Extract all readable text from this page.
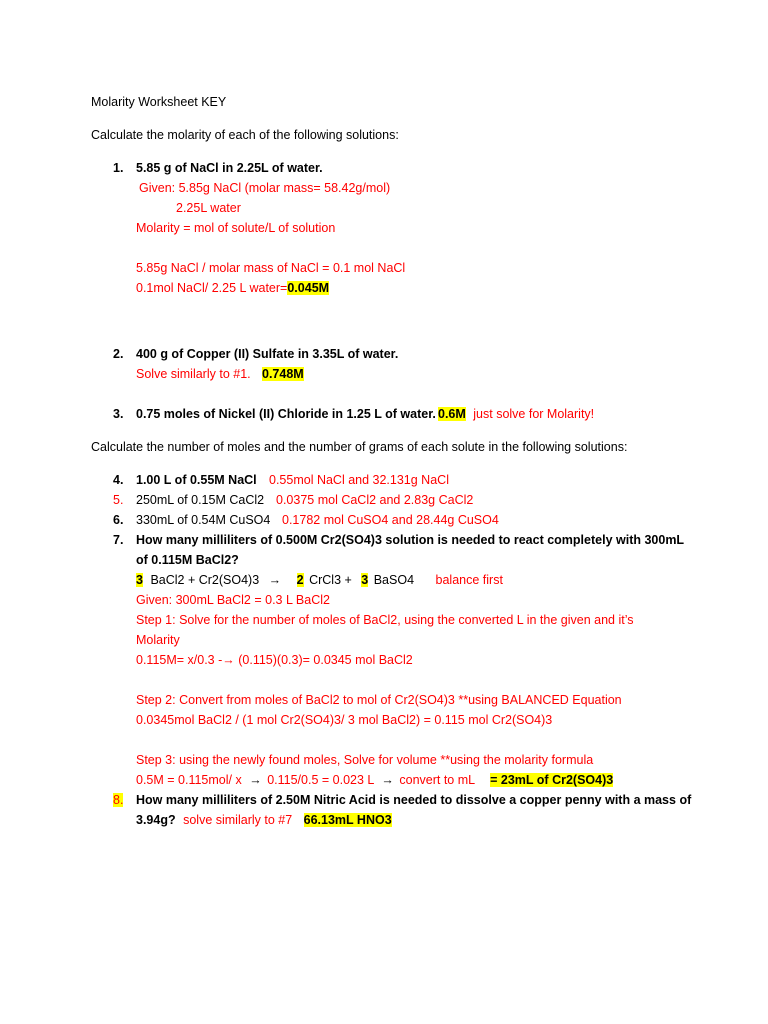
Molarity Worksheet KEY
Calculate the molarity of each of the following solutions:
1. 5.85 g of NaCl in 2.25L of water.
Given: 5.85g NaCl (molar mass= 58.42g/mol)
2.25L water
Molarity = mol of solute/L of solution
5.85g NaCl / molar mass of NaCl = 0.1 mol NaCl
0.1mol NaCl/ 2.25 L water=0.045M
2. 400 g of Copper (II) Sulfate in 3.35L of water.
Solve similarly to #1. 0.748M
3. 0.75 moles of Nickel (II) Chloride in 1.25 L of water. 0.6M just solve for Molarity!
Calculate the number of moles and the number of grams of each solute in the following solutions:
4. 1.00 L of 0.55M NaCl 0.55mol NaCl and 32.131g NaCl
5. 250mL of 0.15M CaCl2 0.0375 mol CaCl2 and 2.83g CaCl2
6. 330mL of 0.54M CuSO4 0.1782 mol CuSO4 and 28.44g CuSO4
7. How many milliliters of 0.500M Cr2(SO4)3 solution is needed to react completely with 300mL
of 0.115M BaCl2?
3 BaCl2 + Cr2(SO4)3 → 2 CrCl3 + 3 BaSO4 balance first
Given: 300mL BaCl2 = 0.3 L BaCl2
Step 1: Solve for the number of moles of BaCl2, using the converted L in the given and it’s
Molarity
0.115M= x/0.3 -→ (0.115)(0.3)= 0.0345 mol BaCl2
Step 2: Convert from moles of BaCl2 to mol of Cr2(SO4)3 **using BALANCED Equation
0.0345mol BaCl2 / (1 mol Cr2(SO4)3/ 3 mol BaCl2) = 0.115 mol Cr2(SO4)3
Step 3: using the newly found moles, Solve for volume **using the molarity formula
0.5M = 0.115mol/ x → 0.115/0.5 = 0.023 L → convert to mL = 23mL of Cr2(SO4)3
8. How many milliliters of 2.50M Nitric Acid is needed to dissolve a copper penny with a mass of
3.94g? solve similarly to #7 66.13mL HNO3
